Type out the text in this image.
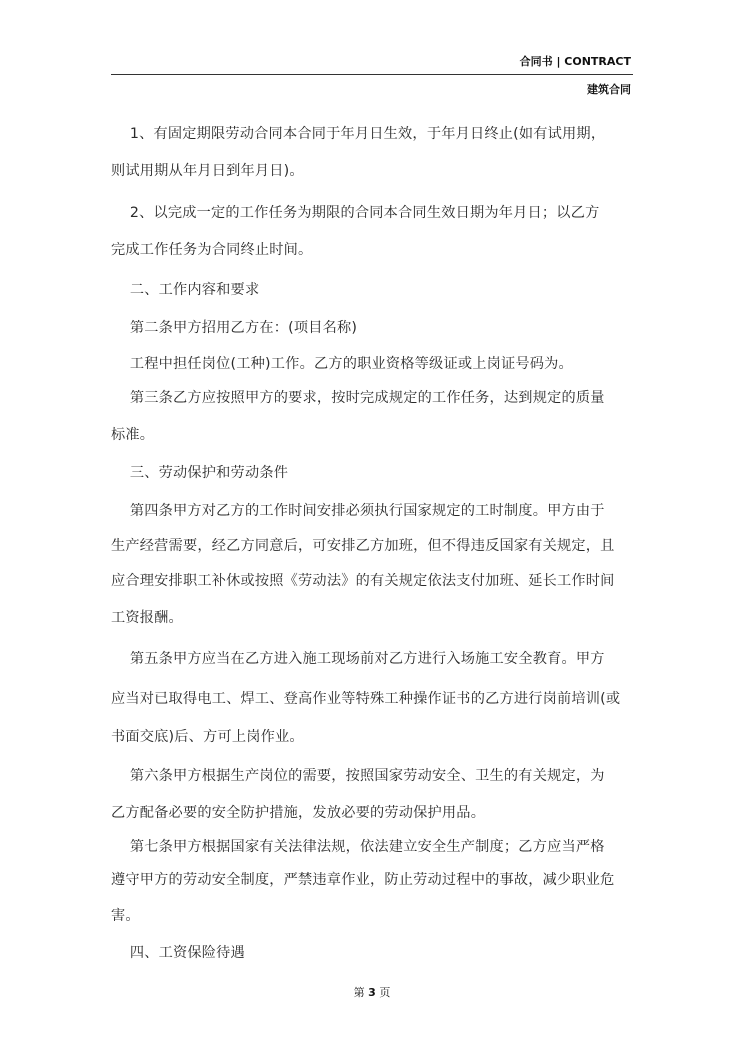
合同书 | CONTRACT
建筑合同

1、有固定期限劳动合同本合同于年月日生效，于年月日终止(如有试用期，

则试用期从年月日到年月日)。

2、以完成一定的工作任务为期限的合同本合同生效日期为年月日；以乙方

完成工作任务为合同终止时间。

二、工作内容和要求

第二条甲方招用乙方在：(项目名称)

工程中担任岗位(工种)工作。乙方的职业资格等级证或上岗证号码为。

第三条乙方应按照甲方的要求，按时完成规定的工作任务，达到规定的质量

标准。

三、劳动保护和劳动条件

第四条甲方对乙方的工作时间安排必须执行国家规定的工时制度。甲方由于

生产经营需要，经乙方同意后，可安排乙方加班，但不得违反国家有关规定，且

应合理安排职工补休或按照《劳动法》的有关规定依法支付加班、延长工作时间

工资报酬。

第五条甲方应当在乙方进入施工现场前对乙方进行入场施工安全教育。甲方

应当对已取得电工、焊工、登高作业等特殊工种操作证书的乙方进行岗前培训(或

书面交底)后、方可上岗作业。

第六条甲方根据生产岗位的需要，按照国家劳动安全、卫生的有关规定，为

乙方配备必要的安全防护措施，发放必要的劳动保护用品。

第七条甲方根据国家有关法律法规，依法建立安全生产制度；乙方应当严格

遵守甲方的劳动安全制度，严禁违章作业，防止劳动过程中的事故，减少职业危

害。

四、工资保险待遇

第 3 页
